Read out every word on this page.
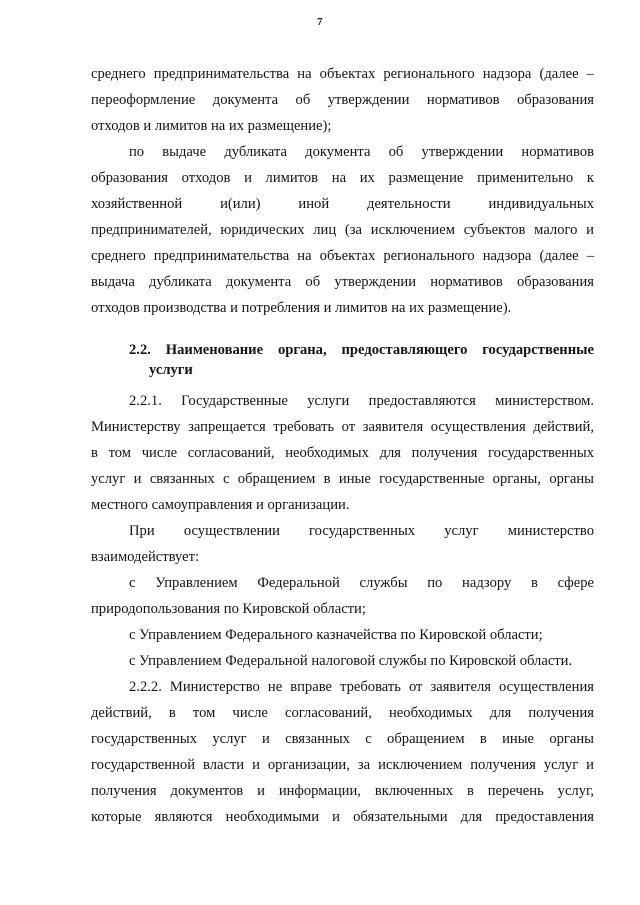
7
среднего предпринимательства на объектах регионального надзора (далее –
переоформление документа об утверждении нормативов образования
отходов и лимитов на их размещение);
по выдаче дубликата документа об утверждении нормативов
образования отходов и лимитов на их размещение применительно к
хозяйственной и(или) иной деятельности индивидуальных
предпринимателей, юридических лиц (за исключением субъектов малого и
среднего предпринимательства на объектах регионального надзора (далее –
выдача дубликата документа об утверждении нормативов образования
отходов производства и потребления и лимитов на их размещение).
2.2. Наименование органа, предоставляющего государственные
услуги
2.2.1. Государственные услуги предоставляются министерством.
Министерству запрещается требовать от заявителя осуществления действий,
в том числе согласований, необходимых для получения государственных
услуг и связанных с обращением в иные государственные органы, органы
местного самоуправления и организации.
При осуществлении государственных услуг министерство
взаимодействует:
с Управлением Федеральной службы по надзору в сфере
природопользования по Кировской области;
с Управлением Федерального казначейства по Кировской области;
с Управлением Федеральной налоговой службы по Кировской области.
2.2.2. Министерство не вправе требовать от заявителя осуществления
действий, в том числе согласований, необходимых для получения
государственных услуг и связанных с обращением в иные органы
государственной власти и организации, за исключением получения услуг и
получения документов и информации, включенных в перечень услуг,
которые являются необходимыми и обязательными для предоставления
